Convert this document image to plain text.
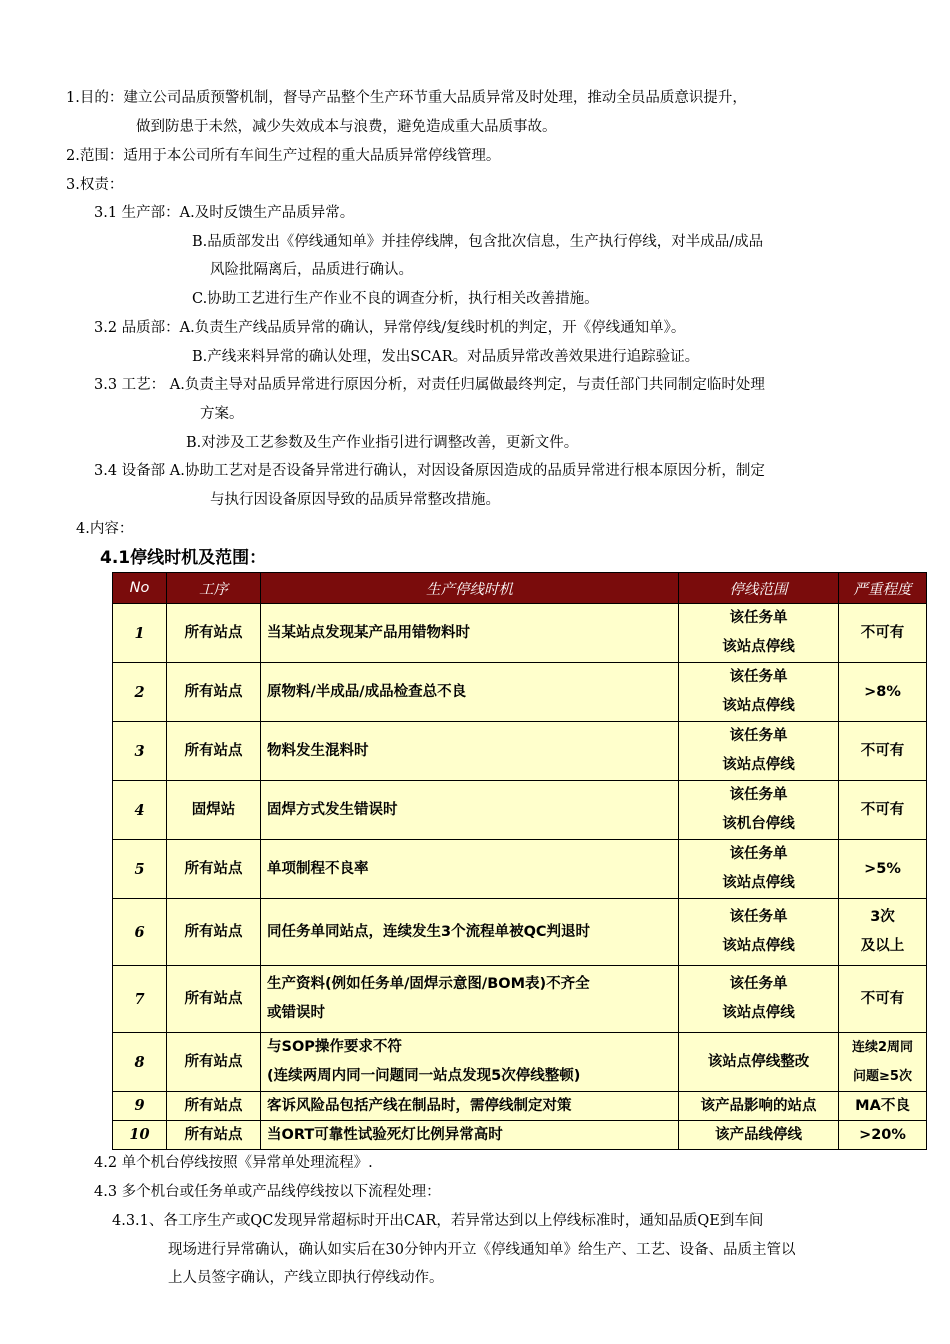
1.目的：建立公司品质预警机制，督导产品整个生产环节重大品质异常及时处理，推动全员品质意识提升，
做到防患于未然，减少失效成本与浪费，避免造成重大品质事故。
2.范围：适用于本公司所有车间生产过程的重大品质异常停线管理。
3.权责：
3.1 生产部：A.及时反馈生产品质异常。
B.品质部发出《停线通知单》并挂停线牌，包含批次信息，生产执行停线，对半成品/成品
风险批隔离后，品质进行确认。
C.协助工艺进行生产作业不良的调查分析，执行相关改善措施。
3.2 品质部：A.负责生产线品质异常的确认，异常停线/复线时机的判定，开《停线通知单》。
B.产线来料异常的确认处理，发出SCAR。对品质异常改善效果进行追踪验证。
3.3 工艺： A.负责主导对品质异常进行原因分析，对责任归属做最终判定，与责任部门共同制定临时处理
方案。
B.对涉及工艺参数及生产作业指引进行调整改善，更新文件。
3.4 设备部 A.协助工艺对是否设备异常进行确认，对因设备原因造成的品质异常进行根本原因分析，制定
与执行因设备原因导致的品质异常整改措施。
4.内容：
4.1停线时机及范围：
No	工序	生产停线时机	停线范围	严重程度
1	所有站点	当某站点发现某产品用错物料时	该任务单
该站点停线	不可有

2	所有站点	原物料/半成品/成品检查总不良	该任务单
该站点停线	>8%

3	所有站点	物料发生混料时	该任务单
该站点停线	不可有

4	固焊站	固焊方式发生错误时	该任务单
该机台停线	不可有

5	所有站点	单项制程不良率	该任务单
该站点停线	>5%

6	所有站点	同任务单同站点，连续发生3个流程单被QC判退时	该任务单
该站点停线	3次
及以上

7	所有站点	生产资料(例如任务单/固焊示意图/BOM表)不齐全
或错误时	该任务单
该站点停线	不可有

8	所有站点	与SOP操作要求不符
(连续两周内同一问题同一站点发现5次停线整顿)	该站点停线整改	连续2周同
问题≥5次

9	所有站点	客诉风险品包括产线在制品时，需停线制定对策	该产品影响的站点	MA不良

10	所有站点	当ORT可靠性试验死灯比例异常高时	该产品线停线	>20%
4.2 单个机台停线按照《异常单处理流程》.
4.3 多个机台或任务单或产品线停线按以下流程处理：
4.3.1、各工序生产或QC发现异常超标时开出CAR，若异常达到以上停线标准时，通知品质QE到车间
现场进行异常确认，确认如实后在30分钟内开立《停线通知单》给生产、工艺、设备、品质主管以
上人员签字确认，产线立即执行停线动作。
